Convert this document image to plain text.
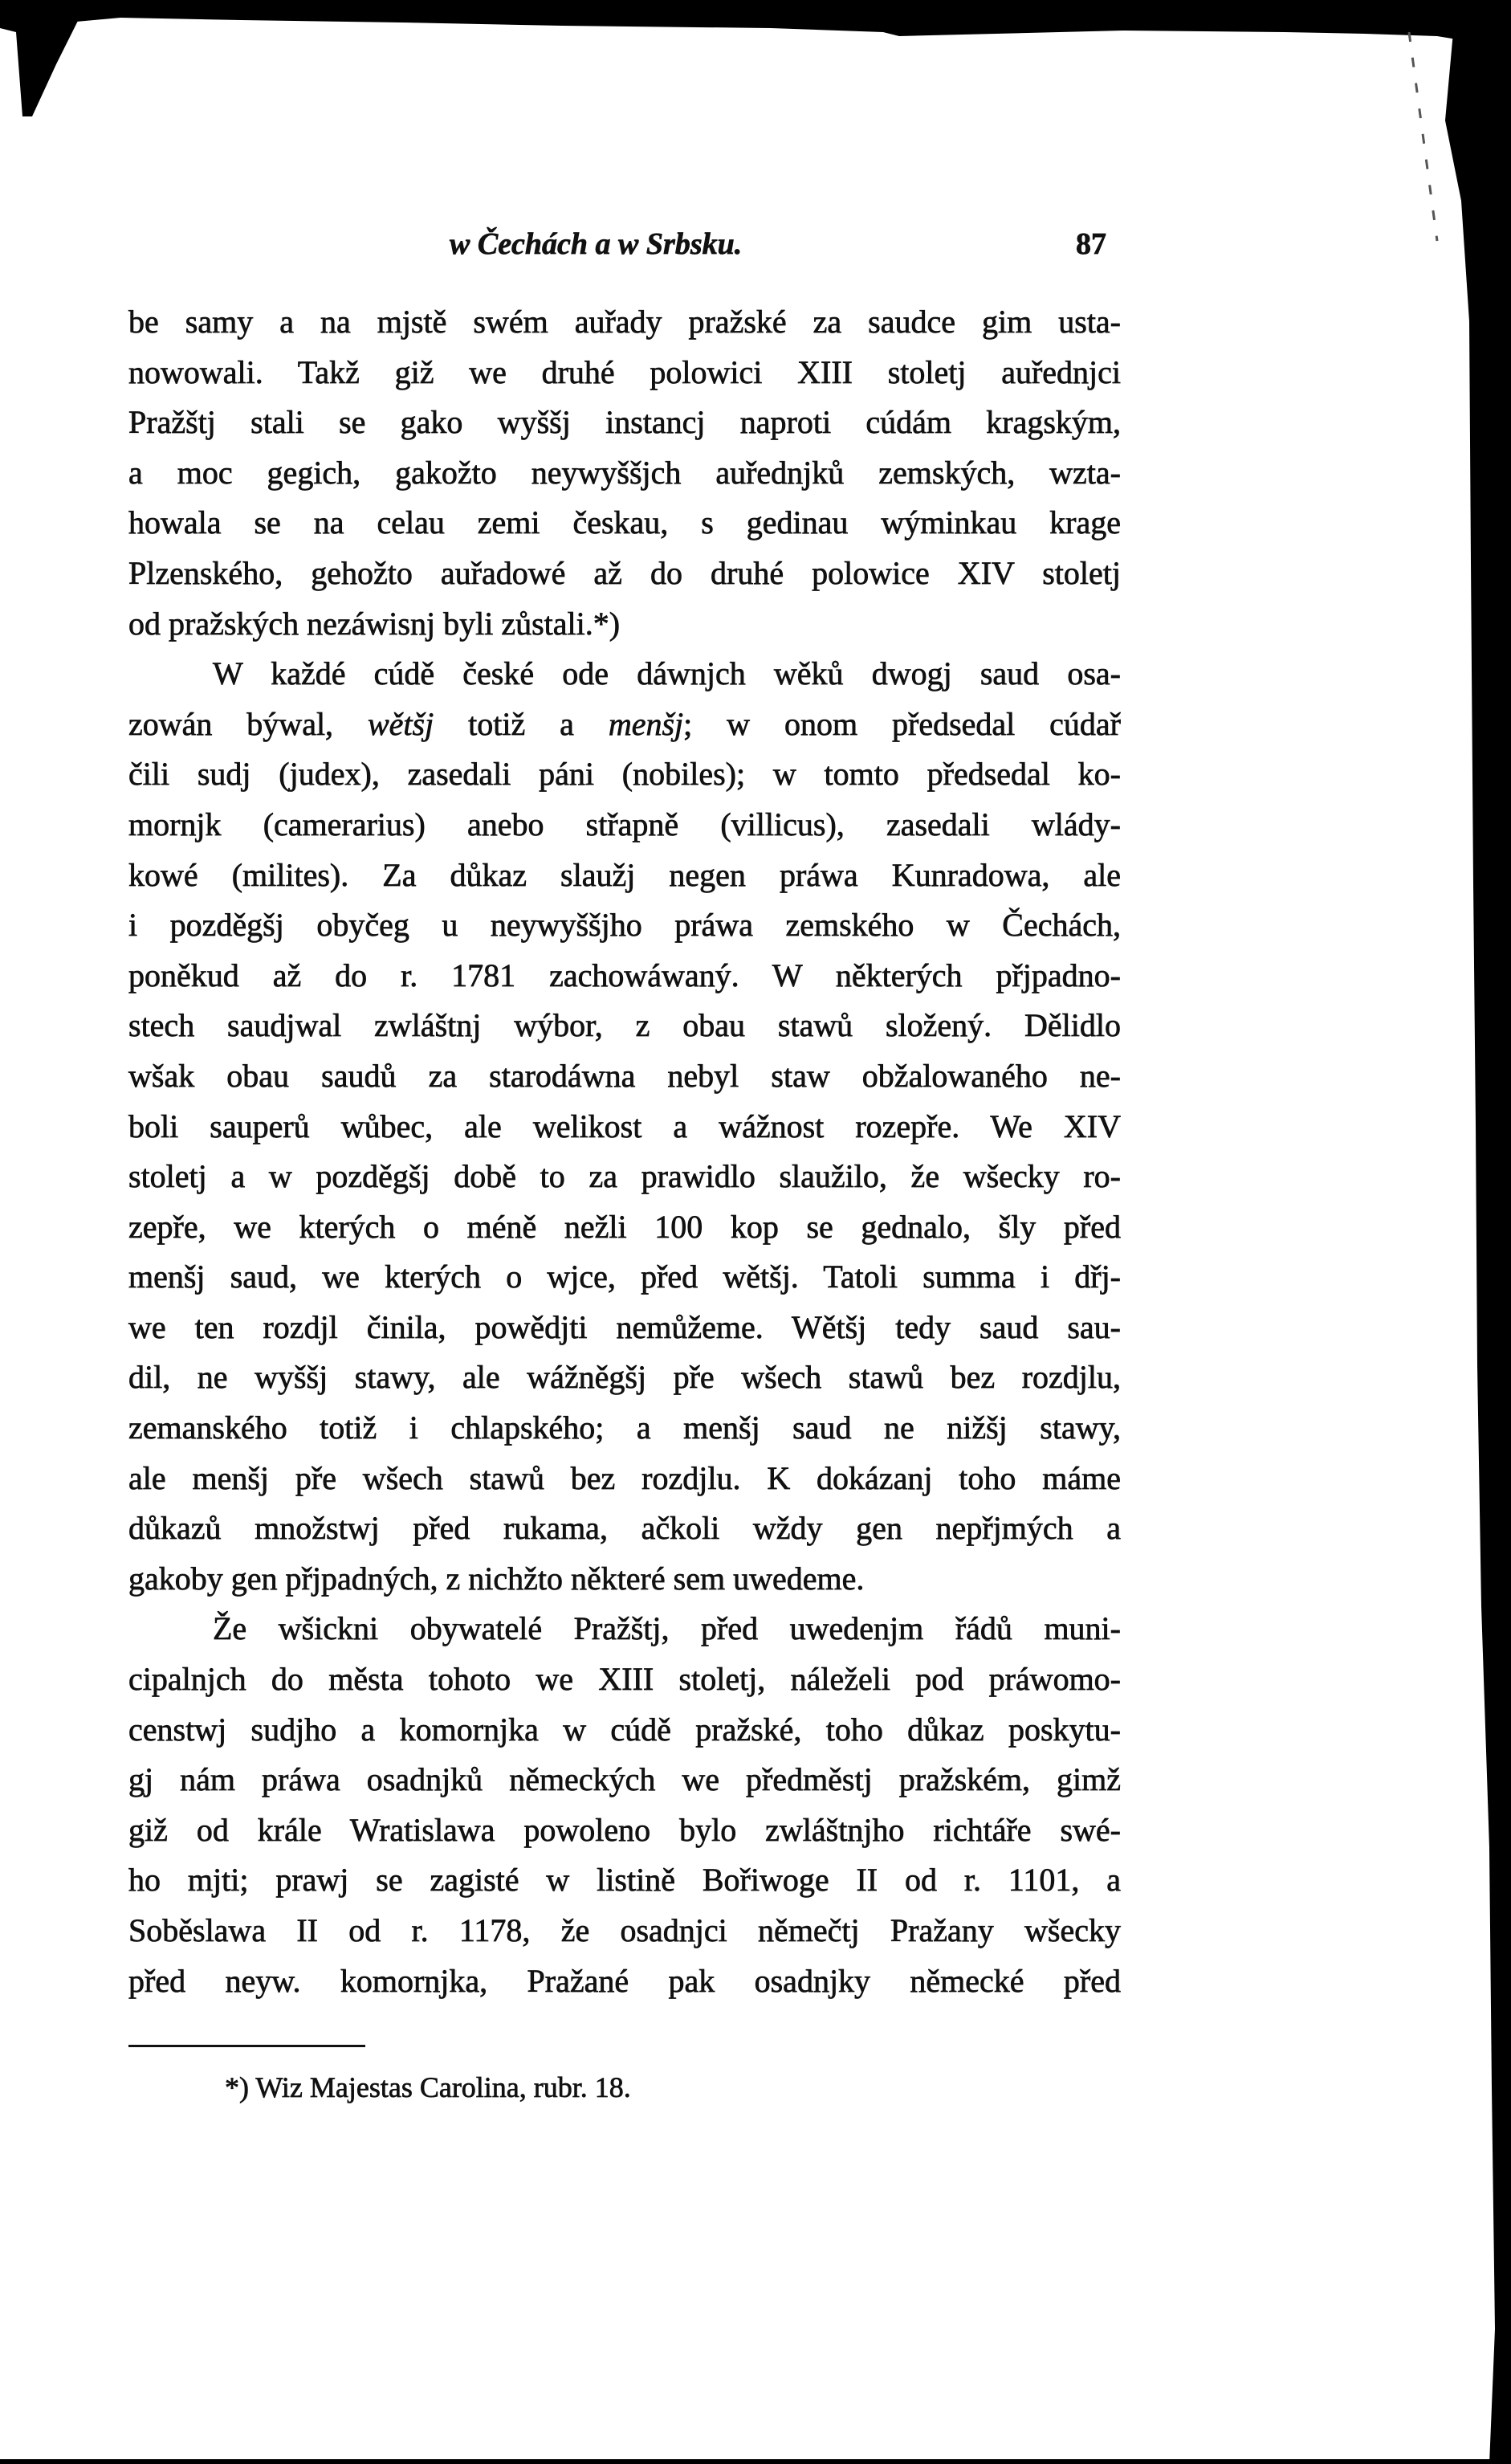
w Čechách a w Srbsku.	87
be samy a na mjstě swém auřady pražské za saudce gim usta-
nowowali. Takž giž we druhé polowici XIII stoletj auřednjci
Pražštj stali se gako wyššj instancj naproti cúdám kragským,
a moc gegich, gakožto neywyššjch auřednjků zemských, wzta-
howala se na celau zemi českau, s gedinau wýminkau krage
Plzenského, gehožto auřadowé až do druhé polowice XIV stoletj
od pražských nezáwisnj byli zůstali.*)
W každé cúdě české ode dáwnjch wěků dwogj saud osa-
zowán býwal, wětšj totiž a menšj; w onom předsedal cúdař
čili sudj (judex), zasedali páni (nobiles); w tomto předsedal ko-
mornjk (camerarius) anebo střapně (villicus), zasedali wlády-
kowé (milites). Za důkaz slaužj negen práwa Kunradowa, ale
i pozděgšj obyčeg u neywyššjho práwa zemského w Čechách,
poněkud až do r. 1781 zachowáwaný. W některých přjpadno-
stech saudjwal zwláštnj wýbor, z obau stawů složený. Dělidlo
wšak obau saudů za starodáwna nebyl staw obžalowaného ne-
boli sauperů wůbec, ale welikost a wážnost rozepře. We XIV
stoletj a w pozděgšj době to za prawidlo slaužilo, že wšecky ro-
zepře, we kterých o méně nežli 100 kop se gednalo, šly před
menšj saud, we kterých o wjce, před wětšj. Tatoli summa i dřj-
we ten rozdjl činila, powědjti nemůžeme. Wětšj tedy saud sau-
dil, ne wyššj stawy, ale wážněgšj pře wšech stawů bez rozdjlu,
zemanského totiž i chlapského; a menšj saud ne nižšj stawy,
ale menšj pře wšech stawů bez rozdjlu. K dokázanj toho máme
důkazů množstwj před rukama, ačkoli wždy gen nepřjmých a
gakoby gen přjpadných, z nichžto některé sem uwedeme.
Že wšickni obywatelé Pražštj, před uwedenjm řádů muni-
cipalnjch do města tohoto we XIII stoletj, náleželi pod práwomo-
censtwj sudjho a komornjka w cúdě pražské, toho důkaz poskytu-
gj nám práwa osadnjků německých we předměstj pražském, gimž
giž od krále Wratislawa powoleno bylo zwláštnjho richtáře swé-
ho mjti; prawj se zagisté w listině Bořiwoge II od r. 1101, a
Soběslawa II od r. 1178, že osadnjci němečtj Pražany wšecky
před neyw. komornjka, Pražané pak osadnjky německé před
*) Wiz Majestas Carolina, rubr. 18.
